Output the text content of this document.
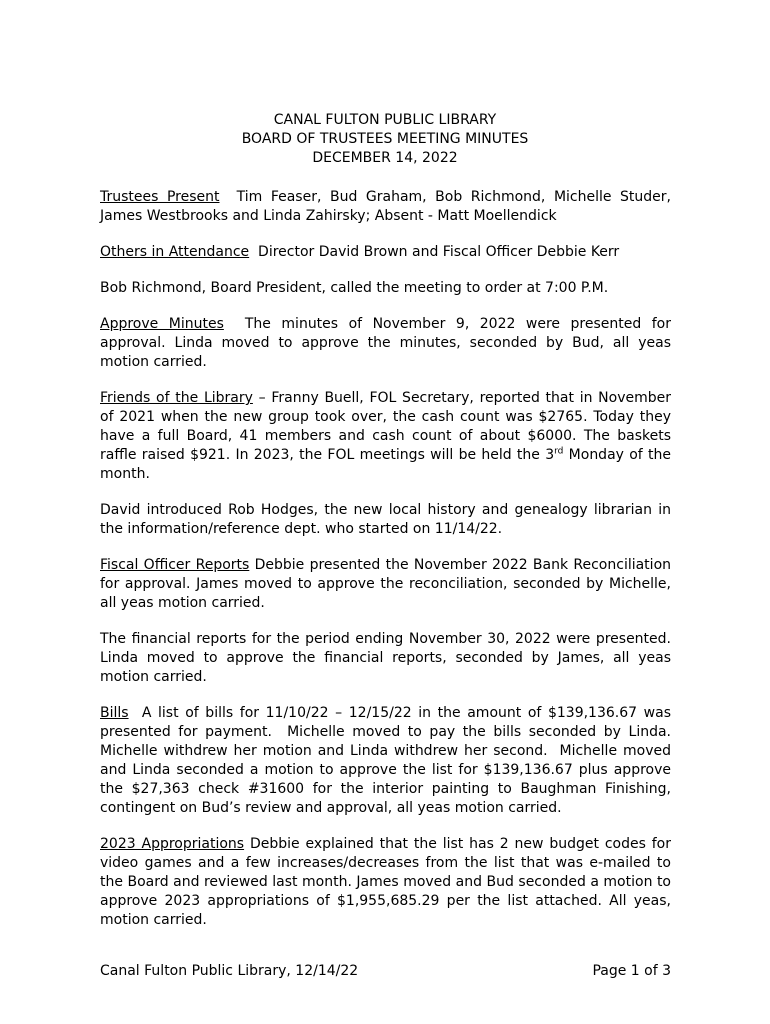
CANAL FULTON PUBLIC LIBRARY
BOARD OF TRUSTEES MEETING MINUTES
DECEMBER 14, 2022

Trustees Present  Tim Feaser, Bud Graham, Bob Richmond, Michelle Studer, James Westbrooks and Linda Zahirsky; Absent - Matt Moellendick

Others in Attendance  Director David Brown and Fiscal Officer Debbie Kerr

Bob Richmond, Board President, called the meeting to order at 7:00 P.M.

Approve Minutes  The minutes of November 9, 2022 were presented for approval. Linda moved to approve the minutes, seconded by Bud, all yeas motion carried.

Friends of the Library – Franny Buell, FOL Secretary, reported that in November of 2021 when the new group took over, the cash count was $2765. Today they have a full Board, 41 members and cash count of about $6000. The baskets raffle raised $921. In 2023, the FOL meetings will be held the 3rd Monday of the month.

David introduced Rob Hodges, the new local history and genealogy librarian in the information/reference dept. who started on 11/14/22.

Fiscal Officer Reports Debbie presented the November 2022 Bank Reconciliation for approval. James moved to approve the reconciliation, seconded by Michelle, all yeas motion carried.

The financial reports for the period ending November 30, 2022 were presented. Linda moved to approve the financial reports, seconded by James, all yeas motion carried.

Bills  A list of bills for 11/10/22 – 12/15/22 in the amount of $139,136.67 was presented for payment.  Michelle moved to pay the bills seconded by Linda.  Michelle withdrew her motion and Linda withdrew her second.  Michelle moved and Linda seconded a motion to approve the list for $139,136.67 plus approve the $27,363 check #31600 for the interior painting to Baughman Finishing, contingent on Bud’s review and approval, all yeas motion carried.

2023 Appropriations Debbie explained that the list has 2 new budget codes for video games and a few increases/decreases from the list that was e-mailed to the Board and reviewed last month. James moved and Bud seconded a motion to approve 2023 appropriations of $1,955,685.29 per the list attached. All yeas, motion carried.

Canal Fulton Public Library, 12/14/22	Page 1 of 3
